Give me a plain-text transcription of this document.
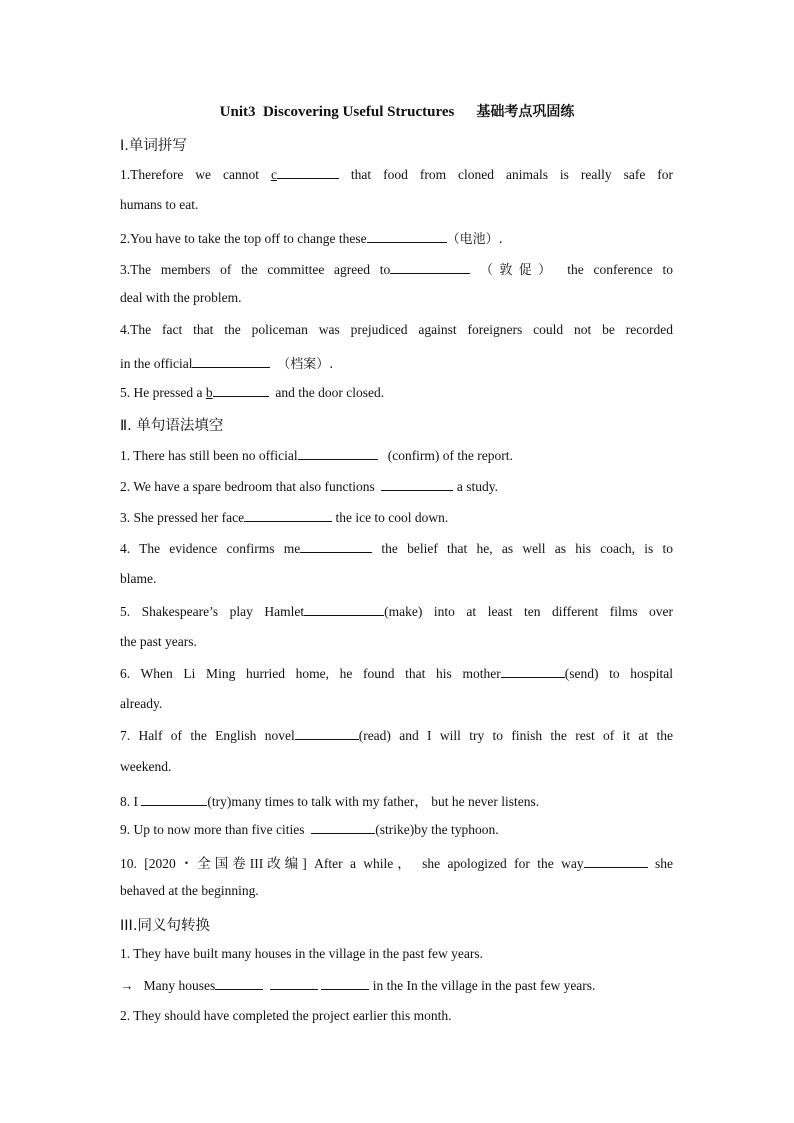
Unit3  Discovering Useful Structures 基础考点巩固练
Ⅰ.单词拼写
1.Therefore we cannot c	that food from cloned animals is really safe for
humans to eat.
2.You have to take the top off to change these	（电池）.
3.The members of the committee agreed to	（敦促） the conference to
deal with the problem.
4.The fact that the policeman was prejudiced against foreigners could not be recorded
in the official	（档案）.
5. He pressed a b	and the door closed.
Ⅱ. 单句语法填空
1. There has still been no official	(confirm) of the report.
2. We have a spare bedroom that also functions	a study.
3. She pressed her face	the ice to cool down.
4. The evidence confirms me	the belief that he, as well as his coach, is to
blame.
5. Shakespeare’s play Hamlet	(make) into at least ten different films over
the past years.
6. When Li Ming hurried home, he found that his mother	(send) to hospital
already.
7. Half of the English novel	(read) and I will try to finish the rest of it at the
weekend.
8. I	(try)many times to talk with my father， but he never listens.
9. Up to now more than five cities	(strike)by the typhoon.
10. [2020・全国卷III改编] After a while， she apologized for the way	she
behaved at the beginning.
III.同义句转换
1. They have built many houses in the village in the past few years.
→ Many houses	in the In the village in the past few years.
2. They should have completed the project earlier this month.
